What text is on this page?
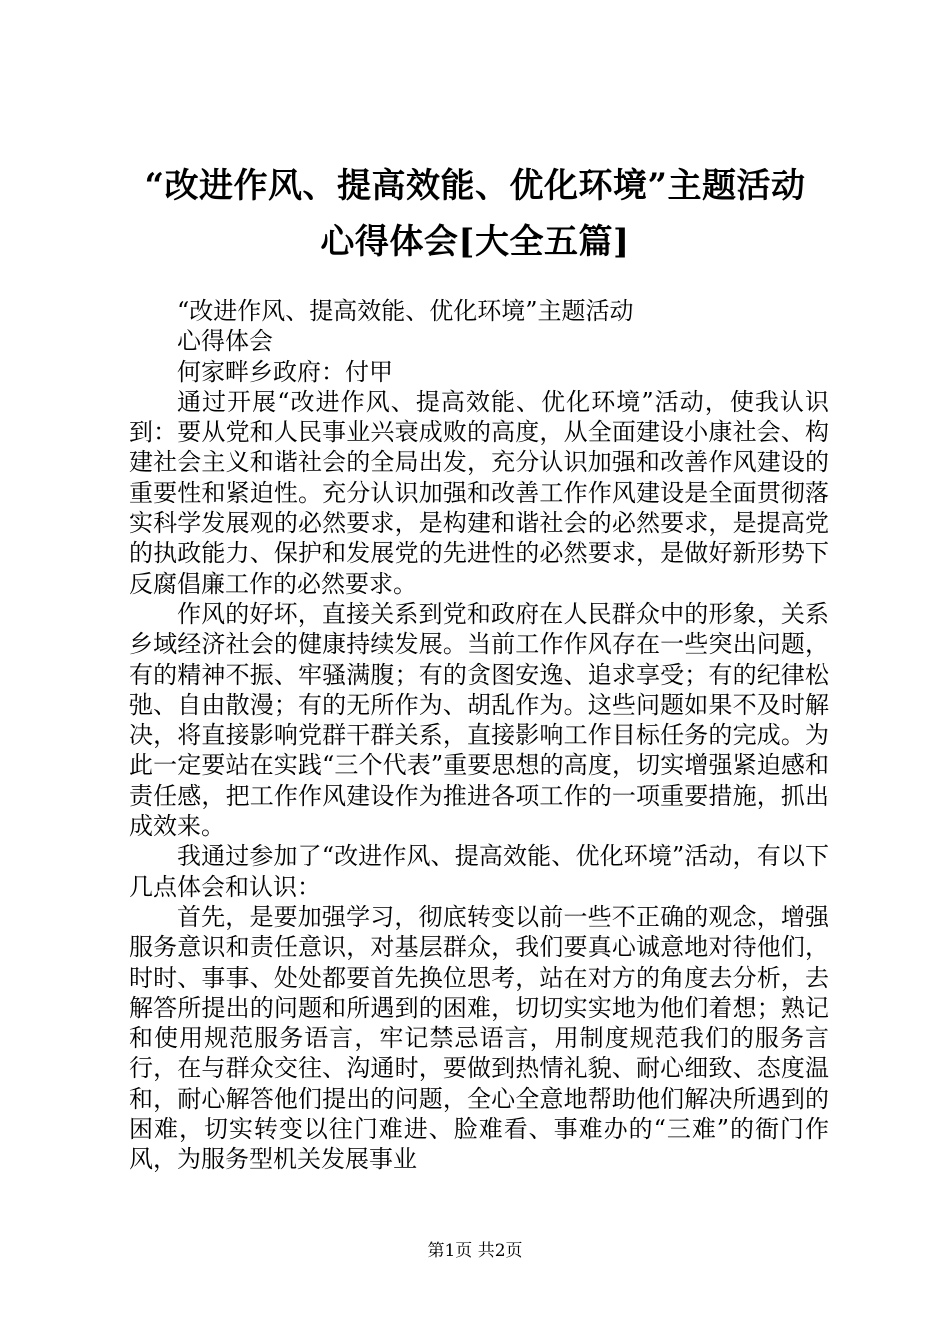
“改进作风、提高效能、优化环境”主题活动
心得体会[大全五篇]

“改进作风、提高效能、优化环境”主题活动

心得体会

何家畔乡政府：付甲

通过开展“改进作风、提高效能、优化环境”活动，使我认识到：要从党和人民事业兴衰成败的高度，从全面建设小康社会、构建社会主义和谐社会的全局出发，充分认识加强和改善作风建设的重要性和紧迫性。充分认识加强和改善工作作风建设是全面贯彻落实科学发展观的必然要求，是构建和谐社会的必然要求，是提高党的执政能力、保护和发展党的先进性的必然要求，是做好新形势下反腐倡廉工作的必然要求。

作风的好坏，直接关系到党和政府在人民群众中的形象，关系乡域经济社会的健康持续发展。当前工作作风存在一些突出问题，有的精神不振、牢骚满腹；有的贪图安逸、追求享受；有的纪律松弛、自由散漫；有的无所作为、胡乱作为。这些问题如果不及时解决，将直接影响党群干群关系，直接影响工作目标任务的完成。为此一定要站在实践“三个代表”重要思想的高度，切实增强紧迫感和责任感，把工作作风建设作为推进各项工作的一项重要措施，抓出成效来。

我通过参加了“改进作风、提高效能、优化环境”活动，有以下几点体会和认识：

首先，是要加强学习，彻底转变以前一些不正确的观念，增强服务意识和责任意识，对基层群众，我们要真心诚意地对待他们，时时、事事、处处都要首先换位思考，站在对方的角度去分析，去解答所提出的问题和所遇到的困难，切切实实地为他们着想；熟记和使用规范服务语言，牢记禁忌语言，用制度规范我们的服务言行，在与群众交往、沟通时，要做到热情礼貌、耐心细致、态度温和，耐心解答他们提出的问题，全心全意地帮助他们解决所遇到的困难，切实转变以往门难进、脸难看、事难办的“三难”的衙门作风，为服务型机关发展事业

第1页 共2页
